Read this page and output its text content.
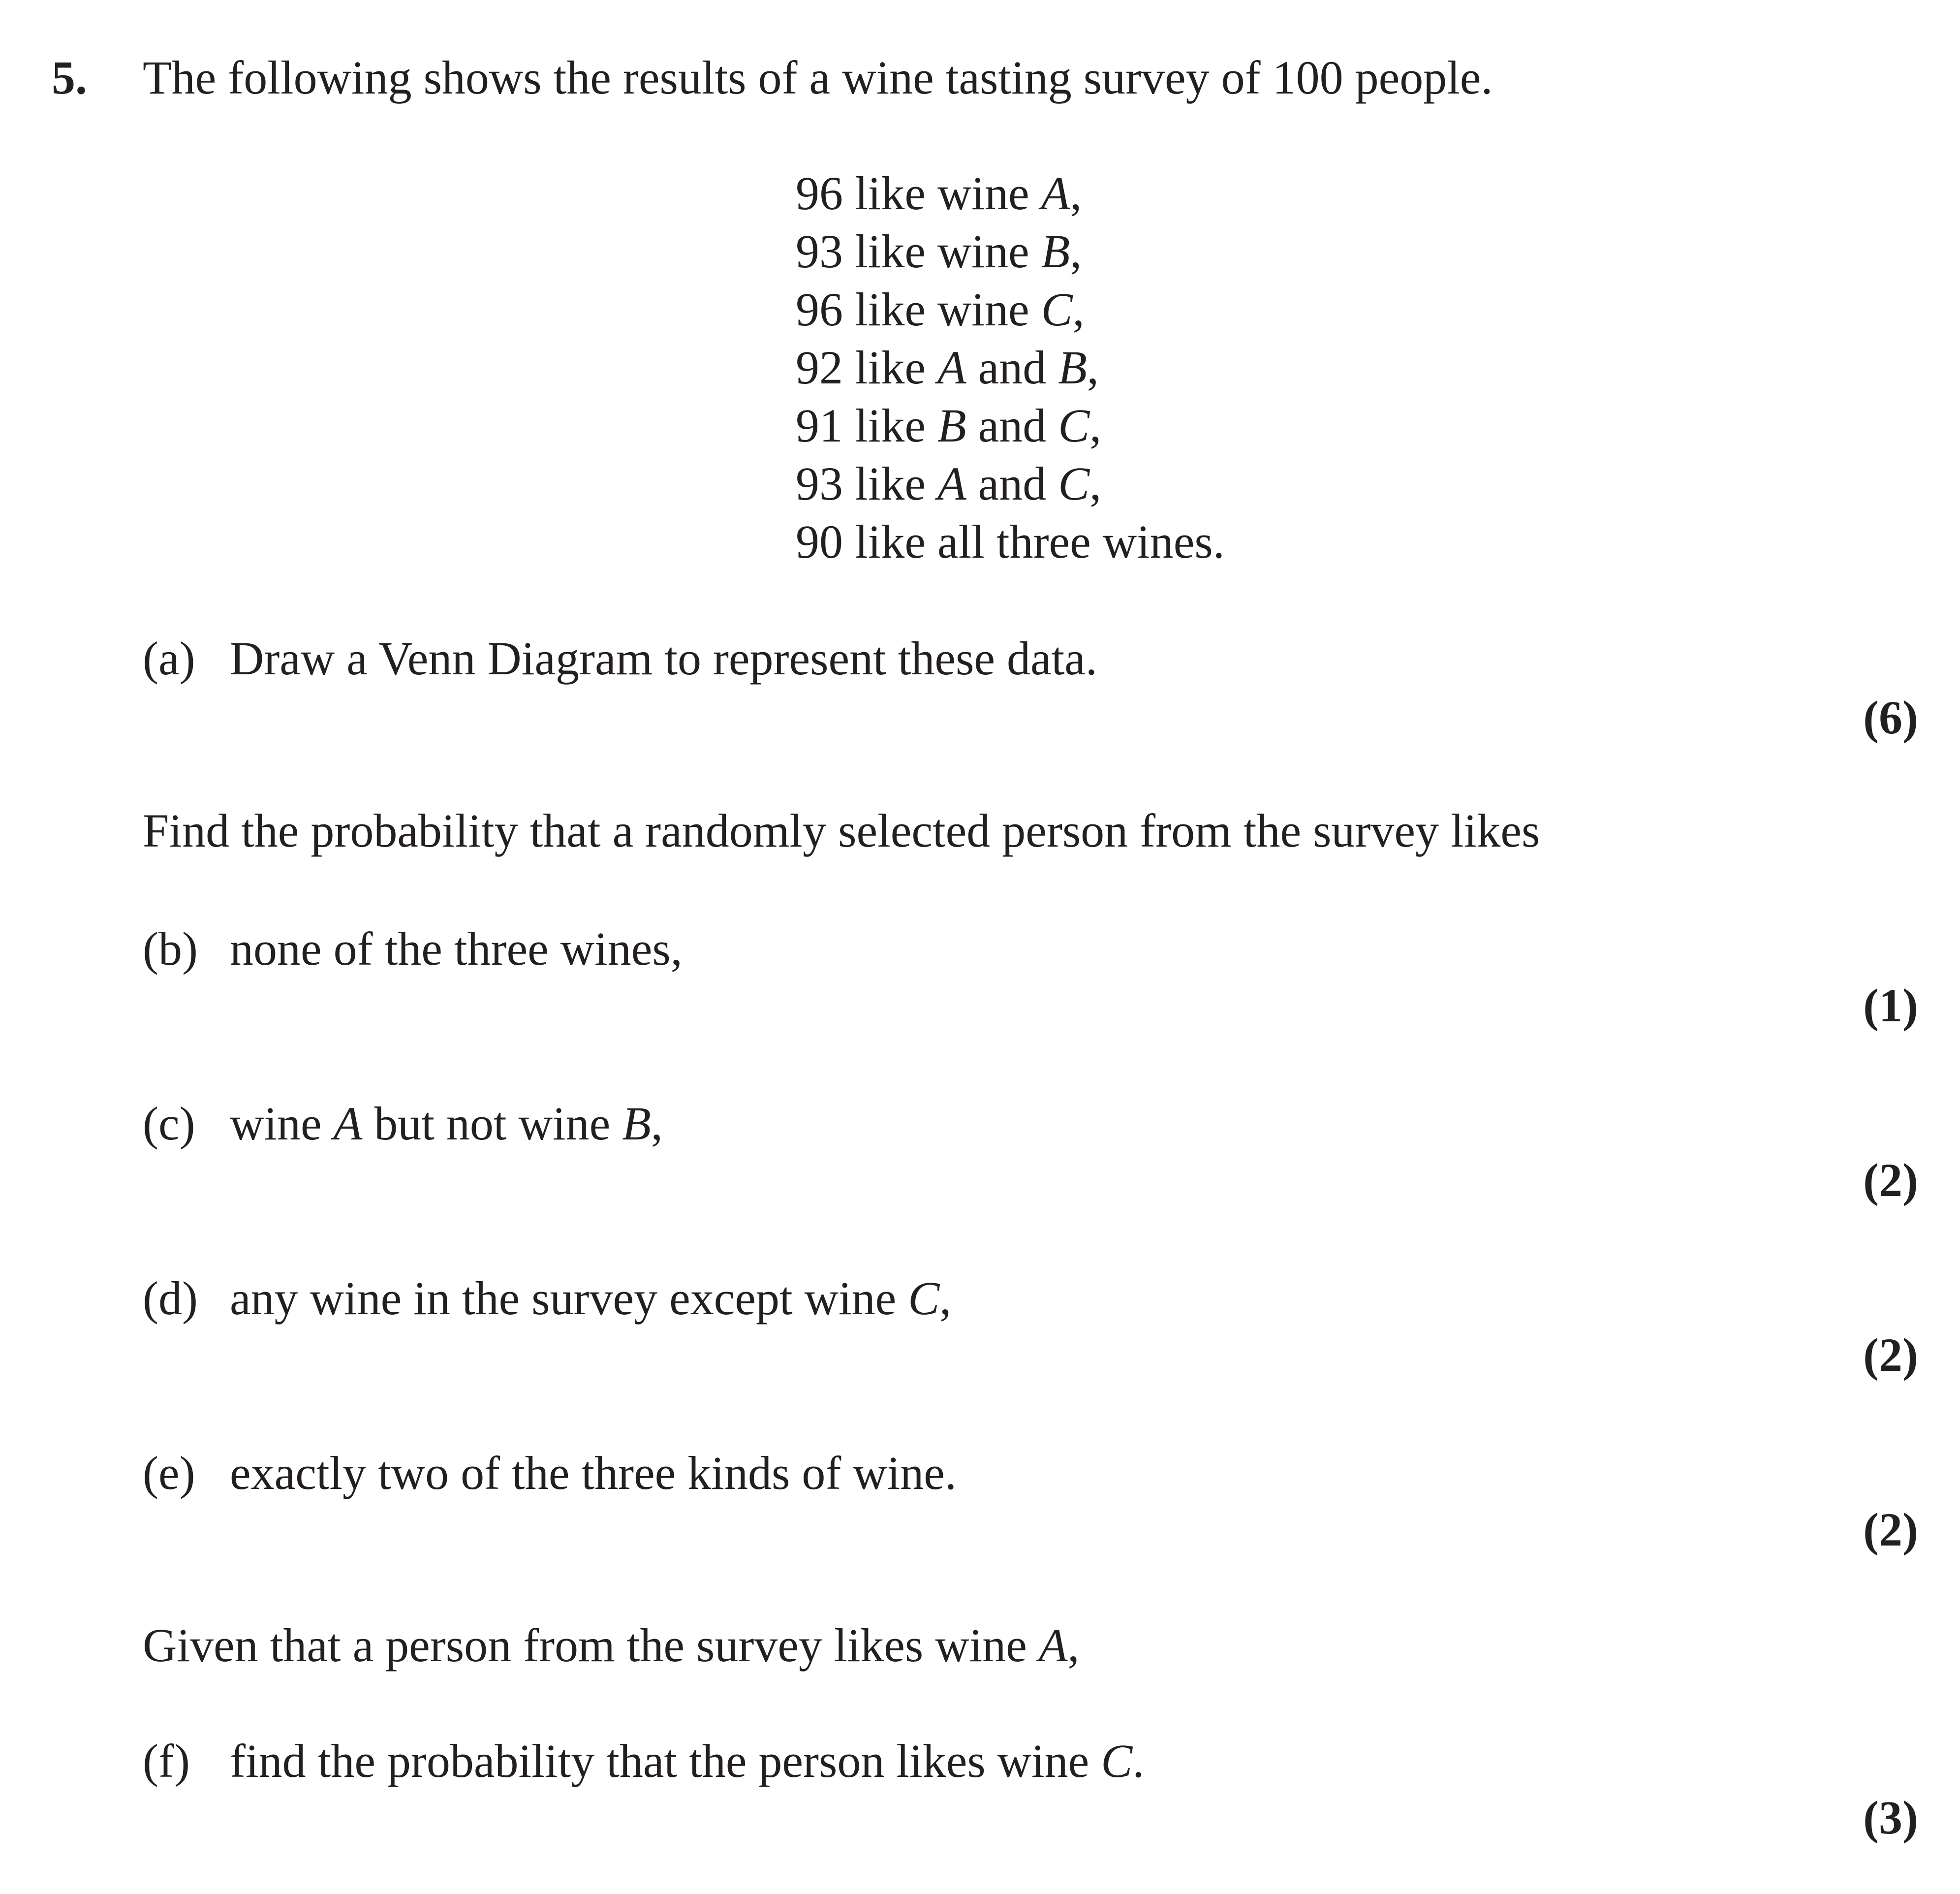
5. The following shows the results of a wine tasting survey of 100 people.
96 like wine A,
93 like wine B,
96 like wine C,
92 like A and B,
91 like B and C,
93 like A and C,
90 like all three wines.
(a) Draw a Venn Diagram to represent these data.
(6)
Find the probability that a randomly selected person from the survey likes
(b) none of the three wines,
(1)
(c) wine A but not wine B,
(2)
(d) any wine in the survey except wine C,
(2)
(e) exactly two of the three kinds of wine.
(2)
Given that a person from the survey likes wine A,
(f) find the probability that the person likes wine C.
(3)
